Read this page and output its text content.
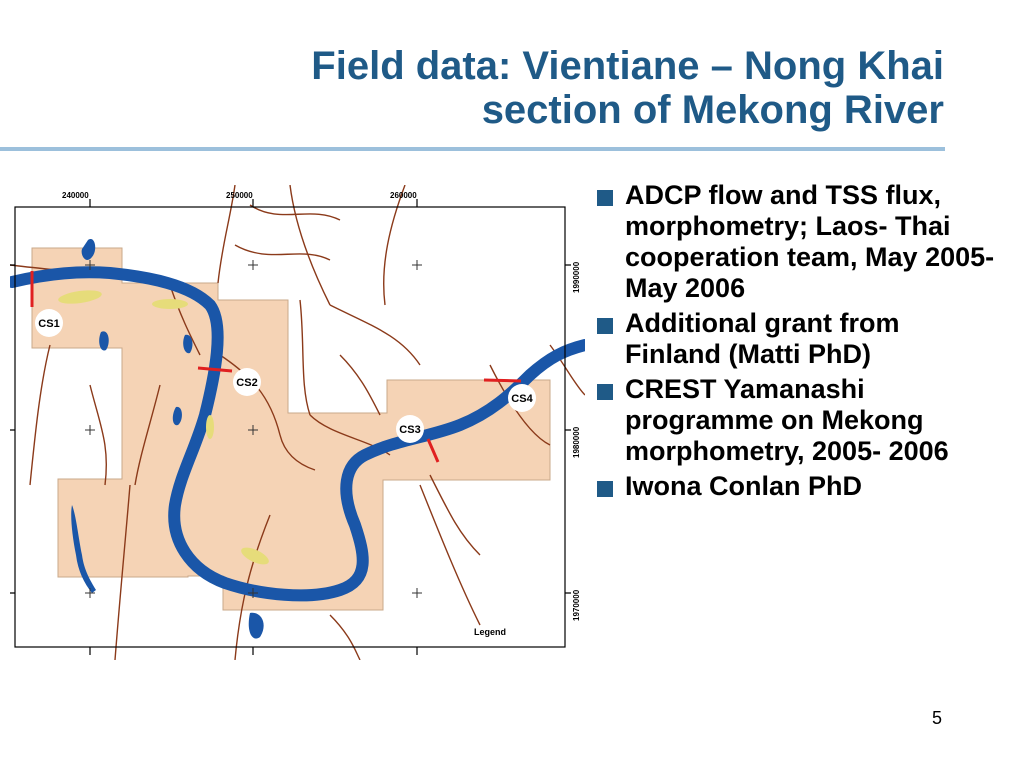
Field data: Vientiane – Nong Khai
section of Mekong River
240000	250000	260000
1990000
1980000
1970000
CS1
CS2
CS3
CS4
Legend
ADCP flow and TSS flux, morphometry; Laos- Thai cooperation team, May 2005- May 2006
Additional grant from Finland (Matti PhD)
CREST Yamanashi programme on Mekong morphometry, 2005- 2006
Iwona Conlan PhD
5
